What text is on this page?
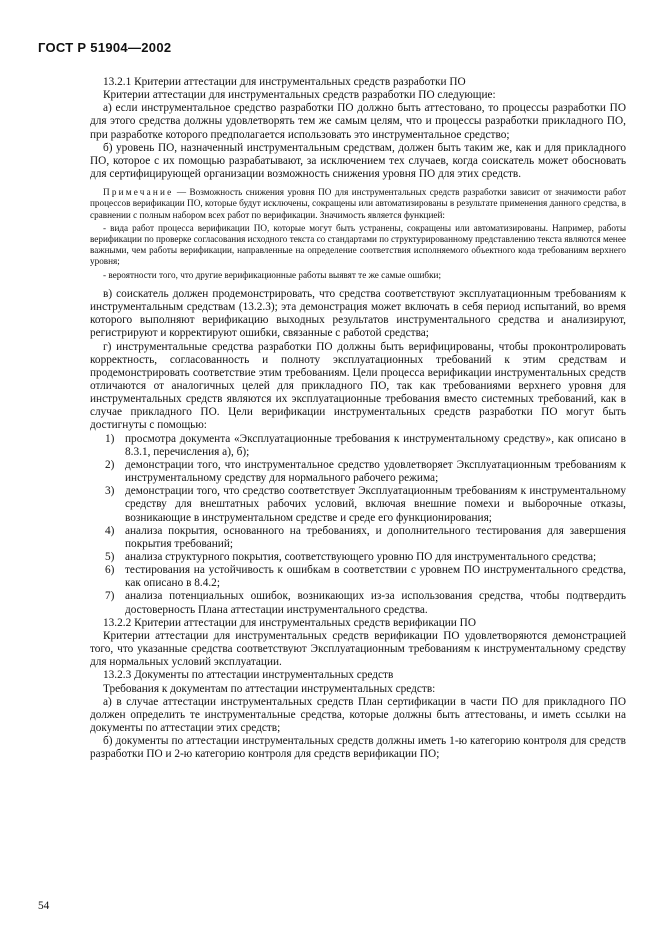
ГОСТ Р 51904—2002

13.2.1 Критерии аттестации для инструментальных средств разработки ПО

Критерии аттестации для инструментальных средств разработки ПО следующие:

а) если инструментальное средство разработки ПО должно быть аттестовано, то процессы разработки ПО для этого средства должны удовлетворять тем же самым целям, что и процессы разработки прикладного ПО, при разработке которого предполагается использовать это инструментальное средство;

б) уровень ПО, назначенный инструментальным средствам, должен быть таким же, как и для прикладного ПО, которое с их помощью разрабатывают, за исключением тех случаев, когда соискатель может обосновать для сертифицирующей организации возможность снижения уровня ПО для этих средств.

Примечание — Возможность снижения уровня ПО для инструментальных средств разработки зависит от значимости работ процессов верификации ПО, которые будут исключены, сокращены или автоматизированы в результате применения данного средства, в сравнении с полным набором всех работ по верификации. Значимость является функцией:

- вида работ процесса верификации ПО, которые могут быть устранены, сокращены или автоматизированы. Например, работы верификации по проверке согласования исходного текста со стандартами по структурированному представлению текста являются менее важными, чем работы верификации, направленные на определение соответствия исполняемого объектного кода требованиям верхнего уровня;

- вероятности того, что другие верификационные работы выявят те же самые ошибки;

в) соискатель должен продемонстрировать, что средства соответствуют эксплуатационным требованиям к инструментальным средствам (13.2.3); эта демонстрация может включать в себя период испытаний, во время которого выполняют верификацию выходных результатов инструментального средства и анализируют, регистрируют и корректируют ошибки, связанные с работой средства;

г) инструментальные средства разработки ПО должны быть верифицированы, чтобы проконтролировать корректность, согласованность и полноту эксплуатационных требований к этим средствам и продемонстрировать соответствие этим требованиям. Цели процесса верификации инструментальных средств отличаются от аналогичных целей для прикладного ПО, так как требованиями верхнего уровня для инструментальных средств являются их эксплуатационные требования вместо системных требований, как в случае прикладного ПО. Цели верификации инструментальных средств разработки ПО могут быть достигнуты с помощью:

1) просмотра документа «Эксплуатационные требования к инструментальному средству», как описано в 8.3.1, перечисления а), б);
2) демонстрации того, что инструментальное средство удовлетворяет Эксплуатационным требованиям к инструментальному средству для нормального рабочего режима;
3) демонстрации того, что средство соответствует Эксплуатационным требованиям к инструментальному средству для внештатных рабочих условий, включая внешние помехи и выборочные отказы, возникающие в инструментальном средстве и среде его функционирования;
4) анализа покрытия, основанного на требованиях, и дополнительного тестирования для завершения покрытия требований;
5) анализа структурного покрытия, соответствующего уровню ПО для инструментального средства;
6) тестирования на устойчивость к ошибкам в соответствии с уровнем ПО инструментального средства, как описано в 8.4.2;
7) анализа потенциальных ошибок, возникающих из-за использования средства, чтобы подтвердить достоверность Плана аттестации инструментального средства.

13.2.2 Критерии аттестации для инструментальных средств верификации ПО

Критерии аттестации для инструментальных средств верификации ПО удовлетворяются демонстрацией того, что указанные средства соответствуют Эксплуатационным требованиям к инструментальному средству для нормальных условий эксплуатации.

13.2.3 Документы по аттестации инструментальных средств

Требования к документам по аттестации инструментальных средств:

а) в случае аттестации инструментальных средств План сертификации в части ПО для прикладного ПО должен определить те инструментальные средства, которые должны быть аттестованы, и иметь ссылки на документы по аттестации этих средств;

б) документы по аттестации инструментальных средств должны иметь 1-ю категорию контроля для средств разработки ПО и 2-ю категорию контроля для средств верификации ПО;

54
